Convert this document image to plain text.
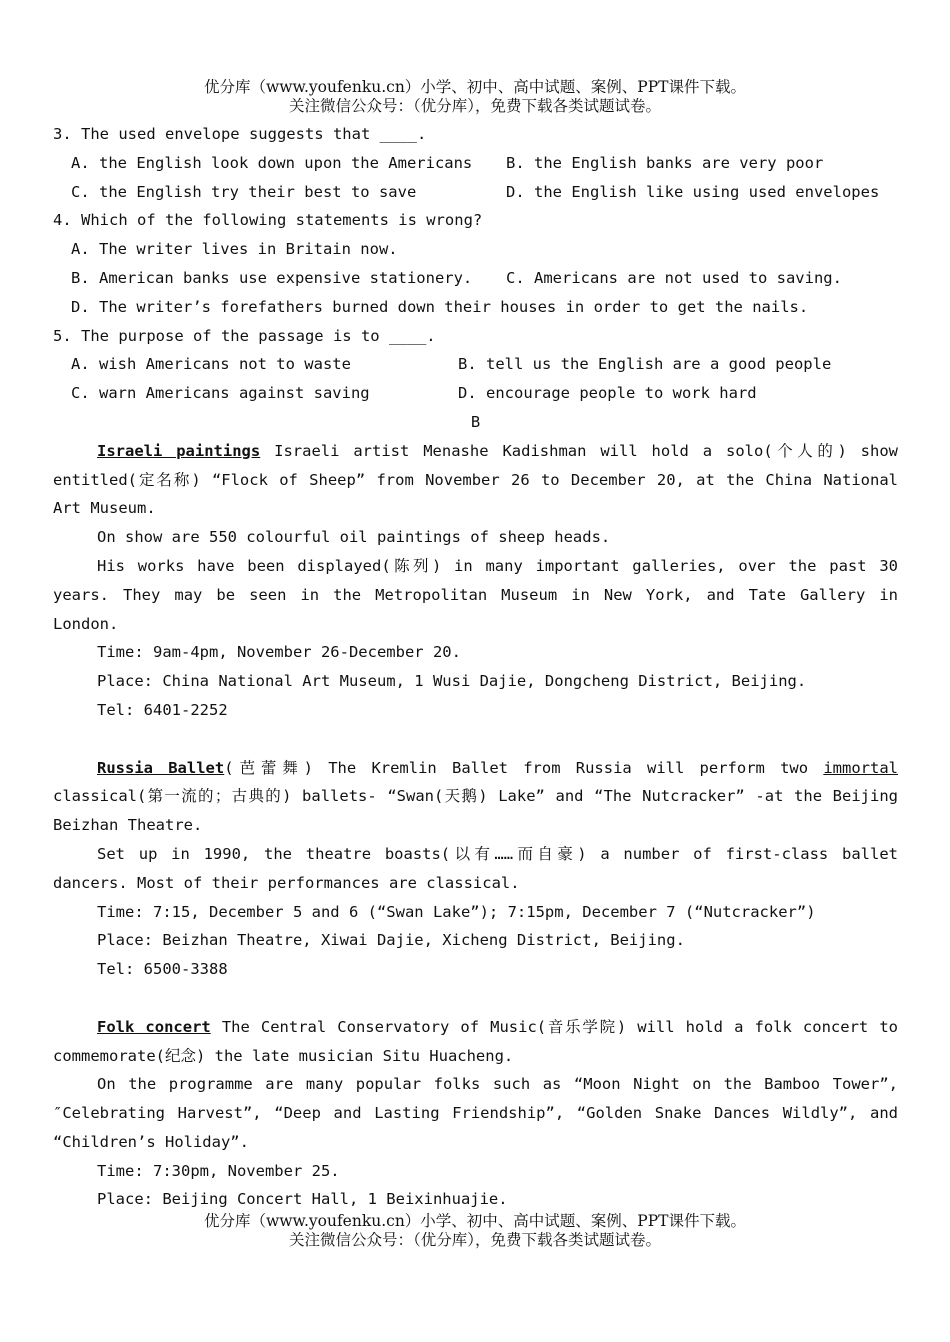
优分库（www.youfenku.cn）小学、初中、高中试题、案例、PPT课件下载。
关注微信公众号：（优分库），免费下载各类试题试卷。

3. The used envelope suggests that ____.

A. the English look down upon the Americans B. the English banks are very poor
C. the English try their best to save	D. the English like using used envelopes

4. Which of the following statements is wrong?

A. The writer lives in Britain now.
B. American banks use expensive stationery. C. Americans are not used to saving.
D. The writer’s forefathers burned down their houses in order to get the nails.

5. The purpose of the passage is to ____.

A. wish Americans not to waste	B. tell us the English are a good people
C. warn Americans against saving	D. encourage people to work hard

B

Israeli paintings Israeli artist Menashe Kadishman will hold a solo(个人的) show entitled(定名称) “Flock of Sheep” from November 26 to December 20, at the China National Art Museum.

On show are 550 colourful oil paintings of sheep heads.

His works have been displayed(陈列) in many important galleries, over the past 30 years. They may be seen in the Metropolitan Museum in New York, and Tate Gallery in London.

Time: 9am-4pm, November 26-December 20.

Place: China National Art Museum, 1 Wusi Dajie, Dongcheng District, Beijing.

Tel: 6401-2252

Russia Ballet(芭蕾舞) The Kremlin Ballet from Russia will perform two immortal classical(第一流的；古典的) ballets- “Swan(天鹅) Lake” and “The Nutcracker” -at the Beijing Beizhan Theatre.

Set up in 1990, the theatre boasts(以有……而自豪) a number of first-class ballet dancers. Most of their performances are classical.

Time: 7:15, December 5 and 6 (“Swan Lake”); 7:15pm, December 7 (“Nutcracker”)

Place: Beizhan Theatre, Xiwai Dajie, Xicheng District, Beijing.

Tel: 6500-3388

Folk concert The Central Conservatory of Music(音乐学院) will hold a folk concert to commemorate(纪念) the late musician Situ Huacheng.

On the programme are many popular folks such as “Moon Night on the Bamboo Tower”, ″Celebrating Harvest”, “Deep and Lasting Friendship”, “Golden Snake Dances Wildly”, and “Children’s Holiday”.

Time: 7:30pm, November 25.

Place: Beijing Concert Hall, 1 Beixinhuajie.

优分库（www.youfenku.cn）小学、初中、高中试题、案例、PPT课件下载。
关注微信公众号：（优分库），免费下载各类试题试卷。
